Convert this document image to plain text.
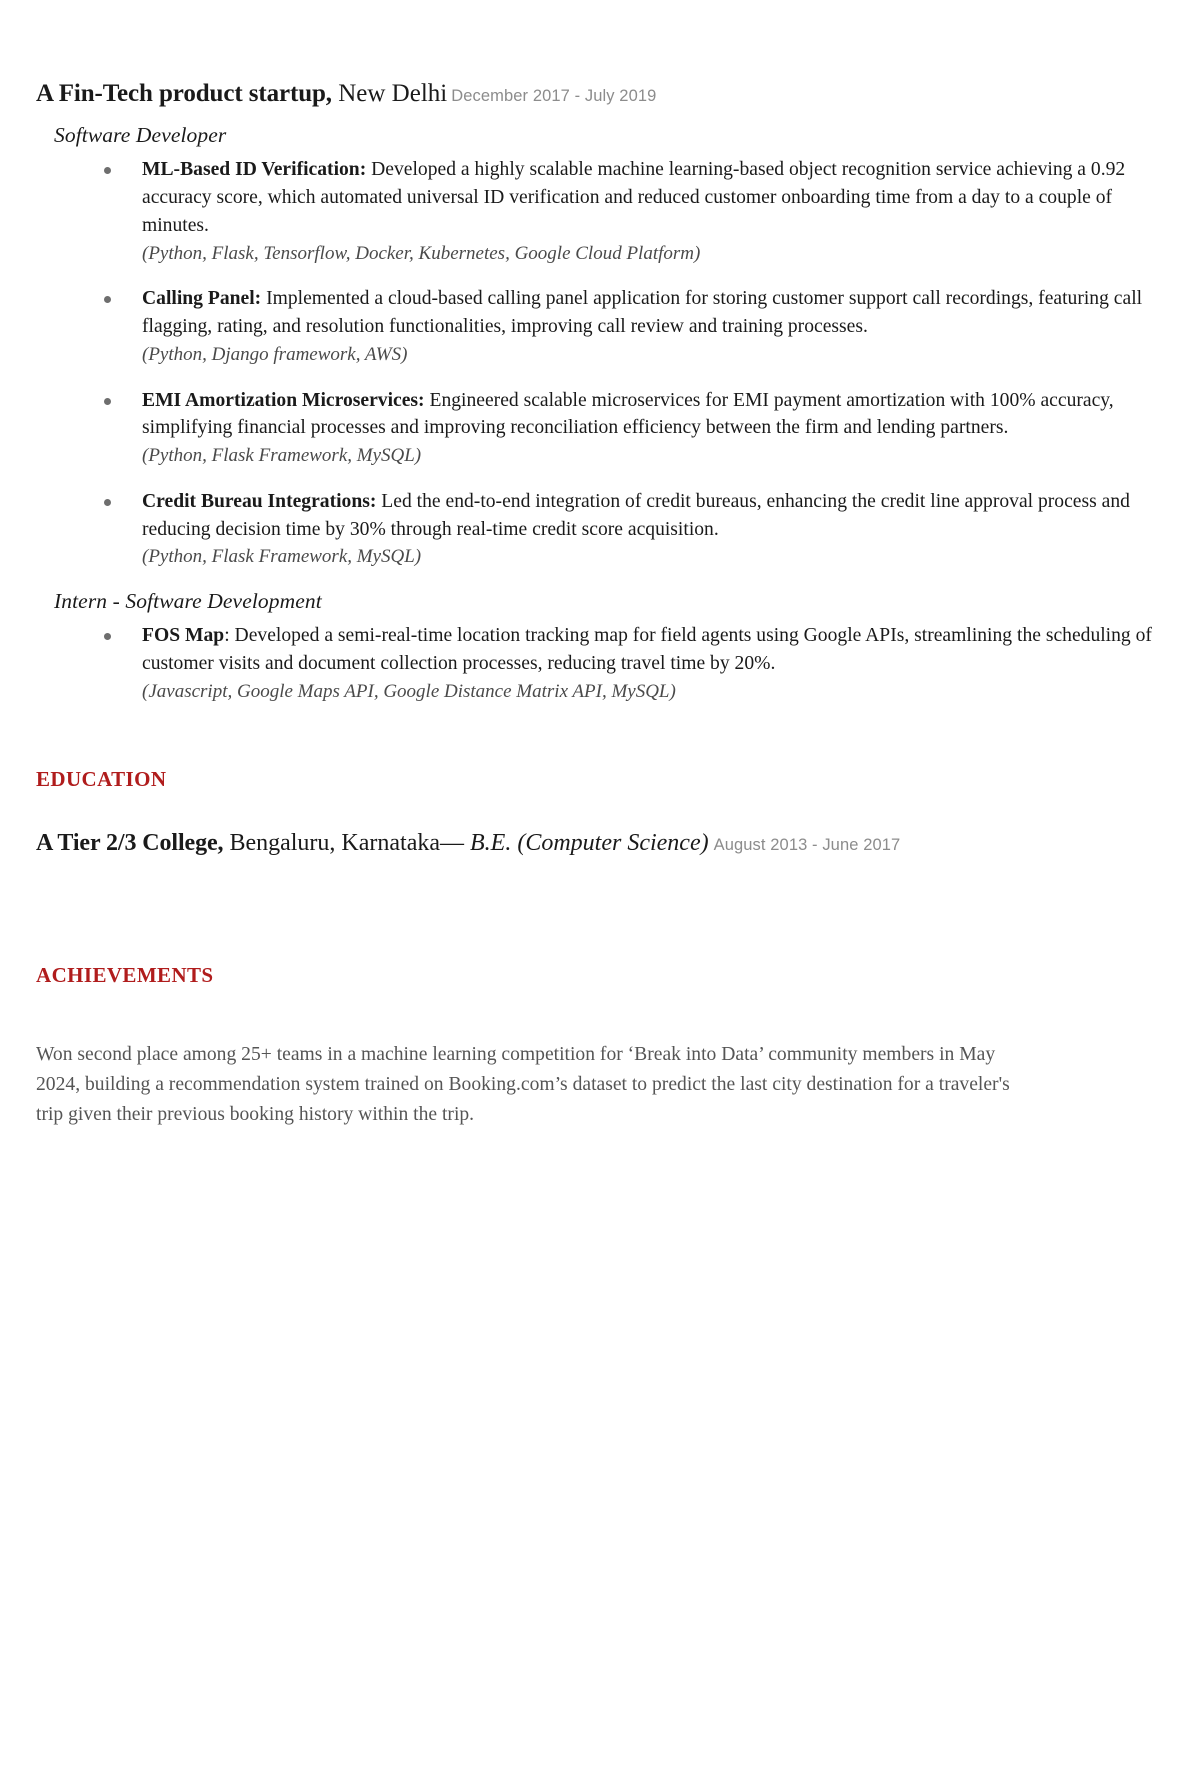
A Fin-Tech product startup, New Delhi December 2017 - July 2019
Software Developer
ML-Based ID Verification: Developed a highly scalable machine learning-based object recognition service achieving a 0.92 accuracy score, which automated universal ID verification and reduced customer onboarding time from a day to a couple of minutes.
(Python, Flask, Tensorflow, Docker, Kubernetes, Google Cloud Platform)
Calling Panel: Implemented a cloud-based calling panel application for storing customer support call recordings, featuring call flagging, rating, and resolution functionalities, improving call review and training processes.
(Python, Django framework, AWS)
EMI Amortization Microservices: Engineered scalable microservices for EMI payment amortization with 100% accuracy, simplifying financial processes and improving reconciliation efficiency between the firm and lending partners.
(Python, Flask Framework, MySQL)
Credit Bureau Integrations: Led the end-to-end integration of credit bureaus, enhancing the credit line approval process and reducing decision time by 30% through real-time credit score acquisition.
(Python, Flask Framework, MySQL)
Intern - Software Development
FOS Map: Developed a semi-real-time location tracking map for field agents using Google APIs, streamlining the scheduling of customer visits and document collection processes, reducing travel time by 20%.
(Javascript, Google Maps API, Google Distance Matrix API, MySQL)
EDUCATION
A Tier 2/3 College, Bengaluru, Karnataka— B.E. (Computer Science) August 2013 - June 2017
ACHIEVEMENTS

Won second place among 25+ teams in a machine learning competition for ‘Break into Data’ community members in May 2024, building a recommendation system trained on Booking.com’s dataset to predict the last city destination for a traveler's trip given their previous booking history within the trip.
